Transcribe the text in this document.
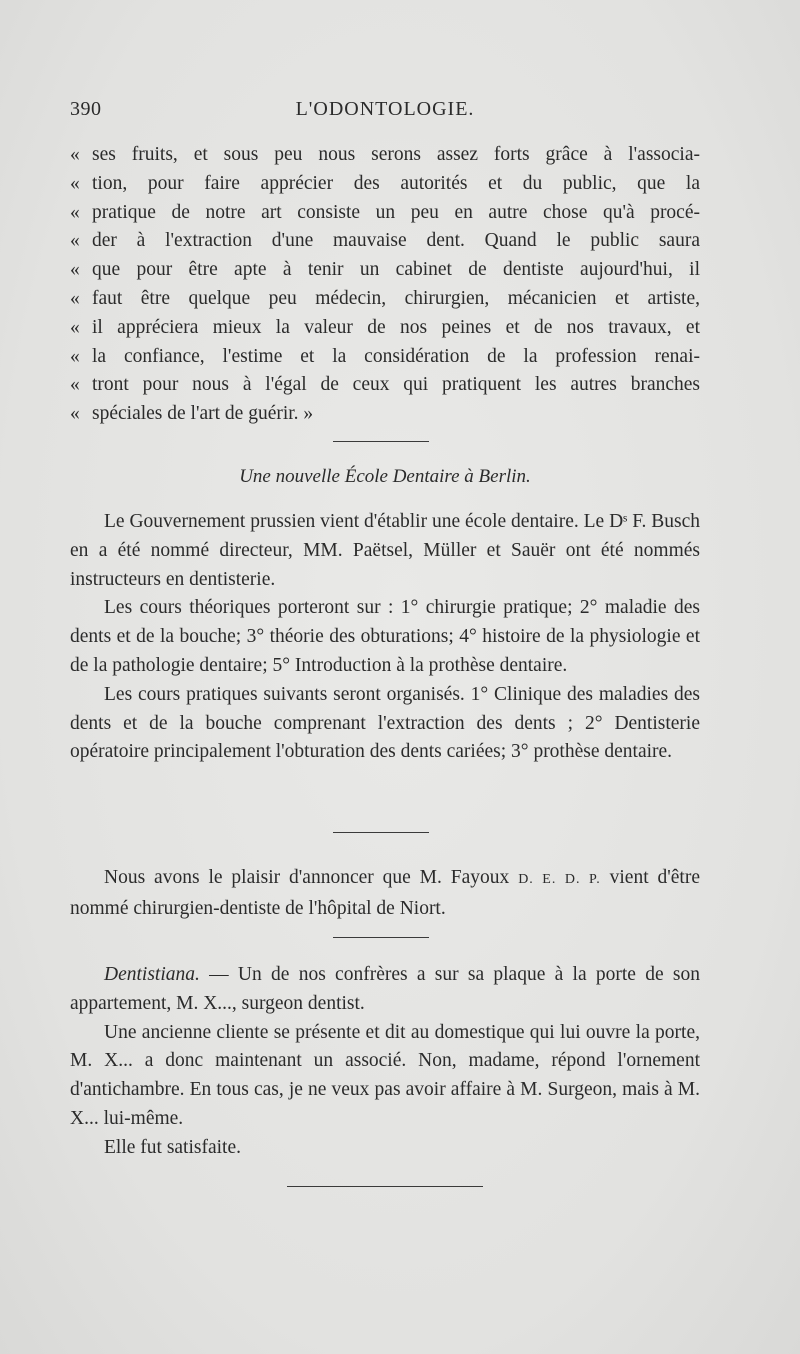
390	L'ODONTOLOGIE.
« ses fruits, et sous peu nous serons assez forts grâce à l'associa-
« tion, pour faire apprécier des autorités et du public, que la
« pratique de notre art consiste un peu en autre chose qu'à procé-
« der à l'extraction d'une mauvaise dent. Quand le public saura
« que pour être apte à tenir un cabinet de dentiste aujourd'hui, il
« faut être quelque peu médecin, chirurgien, mécanicien et artiste,
« il appréciera mieux la valeur de nos peines et de nos travaux, et
« la confiance, l'estime et la considération de la profession renai-
« tront pour nous à l'égal de ceux qui pratiquent les autres branches
« spéciales de l'art de guérir. »
Une nouvelle École Dentaire à Berlin.

Le Gouvernement prussien vient d'établir une école dentaire. Le Dˢ F. Busch en a été nommé directeur, MM. Paëtsel, Müller et Sauër ont été nommés instructeurs en dentisterie.

Les cours théoriques porteront sur : 1° chirurgie pratique; 2° maladie des dents et de la bouche; 3° théorie des obturations; 4° histoire de la physiologie et de la pathologie dentaire; 5° Introduction à la prothèse dentaire.

Les cours pratiques suivants seront organisés. 1° Clinique des maladies des dents et de la bouche comprenant l'extraction des dents ; 2° Dentisterie opératoire principalement l'obturation des dents cariées; 3° prothèse dentaire.

Nous avons le plaisir d'annoncer que M. Fayoux D. E. D. P. vient d'être nommé chirurgien-dentiste de l'hôpital de Niort.

Dentistiana. — Un de nos confrères a sur sa plaque à la porte de son appartement, M. X..., surgeon dentist.

Une ancienne cliente se présente et dit au domestique qui lui ouvre la porte, M. X... a donc maintenant un associé. Non, madame, répond l'ornement d'antichambre. En tous cas, je ne veux pas avoir affaire à M. Surgeon, mais à M. X... lui-même.

Elle fut satisfaite.
